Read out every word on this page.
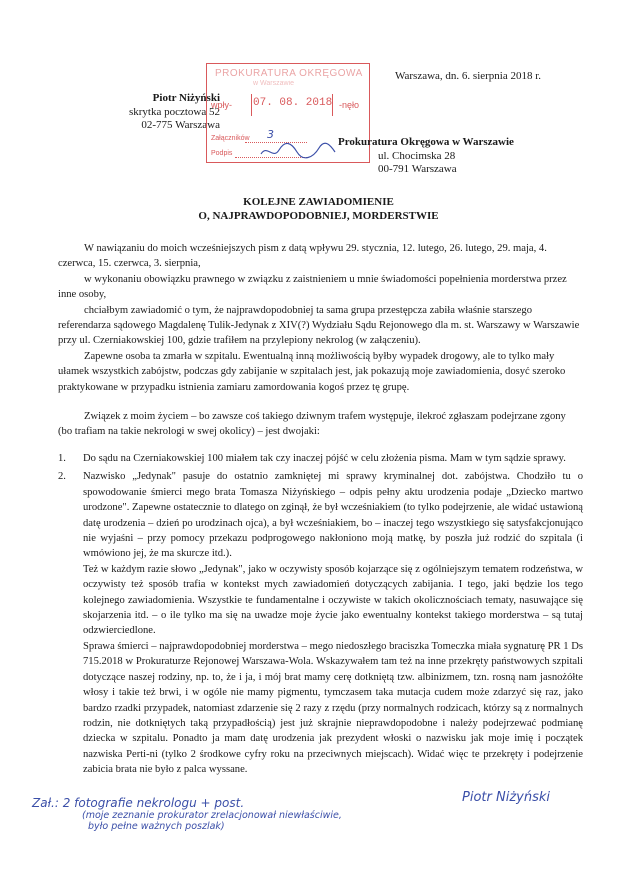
Piotr Niżyński
skrytka pocztowa 52
02-775 Warszawa
Warszawa, dn. 6. sierpnia 2018 r.
PROKURATURA OKRĘGOWA
w Warszawie
wpły- 07. 08. 2018 -nęło
Załączników 3
Podpis
Prokuratura Okręgowa w Warszawie
ul. Chocimska 28
00-791 Warszawa
KOLEJNE ZAWIADOMIENIE
O, NAJPRAWDOPODOBNIEJ, MORDERSTWIE
W nawiązaniu do moich wcześniejszych pism z datą wpływu 29. stycznia, 12. lutego, 26. lutego, 29. maja, 4. czerwca, 15. czerwca, 3. sierpnia,
w wykonaniu obowiązku prawnego w związku z zaistnieniem u mnie świadomości popełnienia morderstwa przez inne osoby,
chciałbym zawiadomić o tym, że najprawdopodobniej ta sama grupa przestępcza zabiła właśnie starszego referendarza sądowego Magdalenę Tulik-Jedynak z XIV(?) Wydziału Sądu Rejonowego dla m. st. Warszawy w Warszawie przy ul. Czerniakowskiej 100, gdzie trafiłem na przylepiony nekrolog (w załączeniu).
Zapewne osoba ta zmarła w szpitalu. Ewentualną inną możliwością byłby wypadek drogowy, ale to tylko mały ułamek wszystkich zabójstw, podczas gdy zabijanie w szpitalach jest, jak pokazują moje zawiadomienia, dosyć szeroko praktykowane w przypadku istnienia zamiaru zamordowania kogoś przez tę grupę.
Związek z moim życiem – bo zawsze coś takiego dziwnym trafem występuje, ilekroć zgłaszam podejrzane zgony (bo trafiam na takie nekrologi w swej okolicy) – jest dwojaki:
1. Do sądu na Czerniakowskiej 100 miałem tak czy inaczej pójść w celu złożenia pisma. Mam w tym sądzie sprawy.
2. Nazwisko „Jedynak" pasuje do ostatnio zamkniętej mi sprawy kryminalnej dot. zabójstwa. Chodziło tu o spowodowanie śmierci mego brata Tomasza Niżyńskiego – odpis pełny aktu urodzenia podaje „Dziecko martwo urodzone". Zapewne ostatecznie to dlatego on zginął, że był wcześniakiem (to tylko podejrzenie, ale widać ustawioną datę urodzenia – dzień po urodzinach ojca), a był wcześniakiem, bo – inaczej tego wszystkiego się satysfakcjonująco nie wyjaśni – przy pomocy przekazu podprogowego nakłoniono moją matkę, by poszła już rodzić do szpitala (i wmówiono jej, że ma skurcze itd.).
Też w każdym razie słowo „Jedynak", jako w oczywisty sposób kojarzące się z ogólniejszym tematem rodzeństwa, w oczywisty też sposób trafia w kontekst mych zawiadomień dotyczących zabijania. I tego, jaki będzie los tego kolejnego zawiadomienia. Wszystkie te fundamentalne i oczywiste w takich okolicznościach tematy, nasuwające się skojarzenia itd. – o ile tylko ma się na uwadze moje życie jako ewentualny kontekst takiego morderstwa – są tutaj odzwierciedlone.
Sprawa śmierci – najprawdopodobniej morderstwa – mego niedoszłego braciszka Tomeczka miała sygnaturę PR 1 Ds 715.2018 w Prokuraturze Rejonowej Warszawa-Wola. Wskazywałem tam też na inne przekręty państwowych szpitali dotyczące naszej rodziny, np. to, że i ja, i mój brat mamy cerę dotkniętą tzw. albinizmem, tzn. rosną nam jasnożółte włosy i takie też brwi, i w ogóle nie mamy pigmentu, tymczasem taka mutacja cudem może zdarzyć się raz, jako bardzo rzadki przypadek, natomiast zdarzenie się 2 razy z rzędu (przy normalnych rodzicach, którzy są z normalnych rodzin, nie dotkniętych taką przypadłością) jest już skrajnie nieprawdopodobne i należy podejrzewać podmianę dziecka w szpitalu. Ponadto ja mam datę urodzenia jak prezydent włoski o nazwisku jak moje imię i początek nazwiska Perti-ni (tylko 2 środkowe cyfry roku na przeciwnych miejscach). Widać więc te przekręty i podejrzenie zabicia brata nie było z palca wyssane.
Zał.: 2 fotografie nekrologu + post.
(moje zeznanie prokurator zrelacjonował niewłaściwie,
było pełne ważnych poszlak)
Piotr Niżyński
